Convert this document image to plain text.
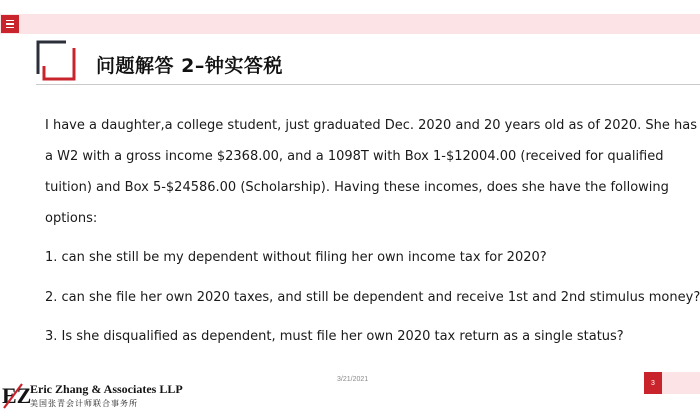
问题解答 2–钟实答税
I have a daughter,a college student, just graduated Dec. 2020 and 20 years old as of 2020. She has
a W2 with a gross income $2368.00, and a 1098T with Box 1-$12004.00 (received for qualified
tuition) and Box 5-$24586.00 (Scholarship). Having these incomes, does she have the following
options:
1. can she still be my dependent without filing her own income tax for 2020?
2. can she file her own 2020 taxes, and still be dependent and receive 1st and 2nd stimulus money?
3. Is she disqualified as dependent, must file her own 2020 tax return as a single status?
3/21/2021	3
EZ
Eric Zhang & Associates LLP
美国张青会计师联合事务所
